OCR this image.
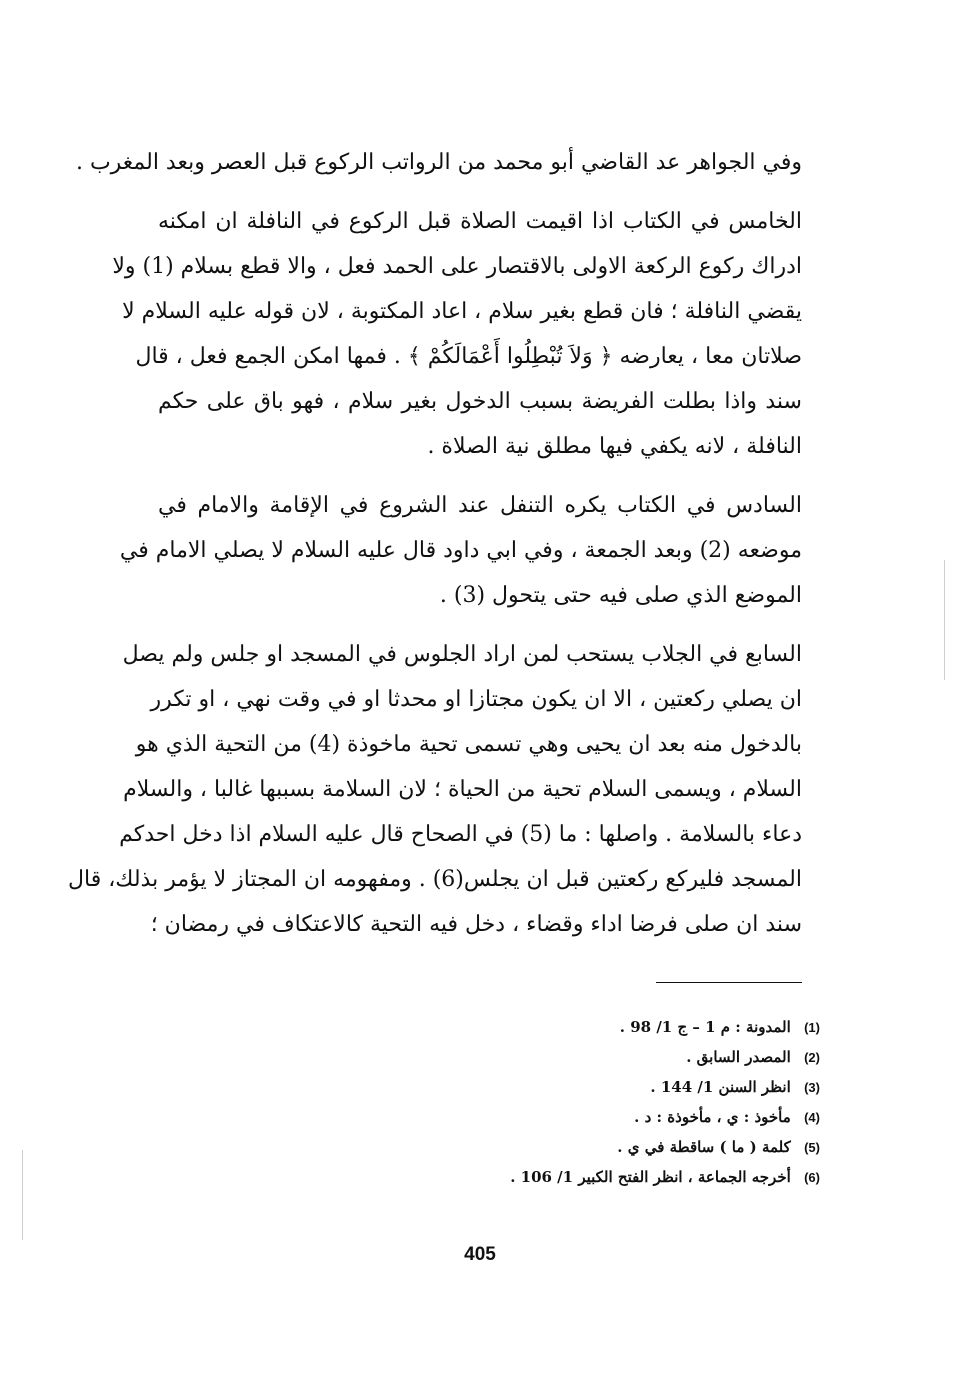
وفي الجواهر عد القاضي أبو محمد من الرواتب الركوع قبل العصر وبعد المغرب .
الخامس في الكتاب اذا اقيمت الصلاة قبل الركوع في النافلة ان امكنه
ادراك ركوع الركعة الاولى بالاقتصار على الحمد فعل ، والا قطع بسلام (1) ولا
يقضي النافلة ؛ فان قطع بغير سلام ، اعاد المكتوبة ، لان قوله عليه السلام لا
صلاتان معا ، يعارضه ﴿ وَلاَ تُبْطِلُوا أَعْمَالَكُمْ ﴾ . فمها امكن الجمع فعل ، قال
سند واذا بطلت الفريضة بسبب الدخول بغير سلام ، فهو باق على حكم
النافلة ، لانه يكفي فيها مطلق نية الصلاة .
السادس في الكتاب يكره التنفل عند الشروع في الإقامة والامام في
موضعه (2) وبعد الجمعة ، وفي ابي داود قال عليه السلام لا يصلي الامام في
الموضع الذي صلى فيه حتى يتحول (3) .
السابع في الجلاب يستحب لمن اراد الجلوس في المسجد او جلس ولم يصل
ان يصلي ركعتين ، الا ان يكون مجتازا او محدثا او في وقت نهي ، او تكرر
بالدخول منه بعد ان يحيى وهي تسمى تحية ماخوذة (4) من التحية الذي هو
السلام ، ويسمى السلام تحية من الحياة ؛ لان السلامة بسببها غالبا ، والسلام
دعاء بالسلامة . واصلها : ما (5) في الصحاح قال عليه السلام اذا دخل احدكم
المسجد فليركع ركعتين قبل ان يجلس(6) . ومفهومه ان المجتاز لا يؤمر بذلك، قال
سند ان صلى فرضا اداء وقضاء ، دخل فيه التحية كالاعتكاف في رمضان ؛
(1) المدونة : م 1 – ج 1/ 98 .
(2) المصدر السابق .
(3) انظر السنن 1/ 144 .
(4) مأخوذ : ي ، مأخوذة : د .
(5) كلمة ( ما ) ساقطة في ي .
(6) أخرجه الجماعة ، انظر الفتح الكبير 1/ 106 .
405
